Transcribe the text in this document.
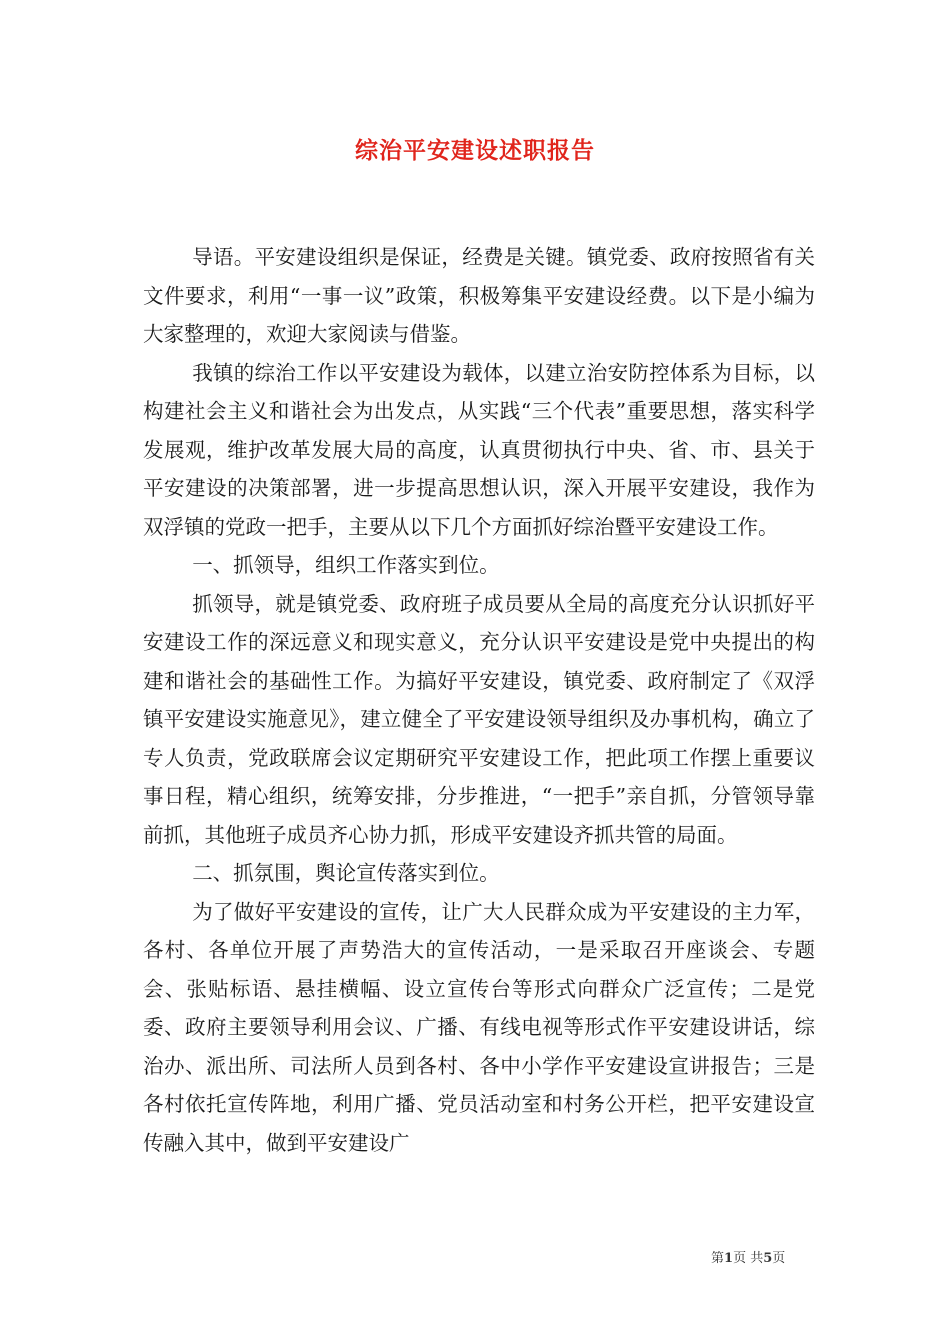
综治平安建设述职报告

导语。平安建设组织是保证，经费是关键。镇党委、政府按照省有关文件要求，利用“一事一议”政策，积极筹集平安建设经费。以下是小编为大家整理的，欢迎大家阅读与借鉴。

我镇的综治工作以平安建设为载体，以建立治安防控体系为目标，以构建社会主义和谐社会为出发点，从实践“三个代表”重要思想，落实科学发展观，维护改革发展大局的高度，认真贯彻执行中央、省、市、县关于平安建设的决策部署，进一步提高思想认识，深入开展平安建设，我作为双浮镇的党政一把手，主要从以下几个方面抓好综治暨平安建设工作。

一、抓领导，组织工作落实到位。

抓领导，就是镇党委、政府班子成员要从全局的高度充分认识抓好平安建设工作的深远意义和现实意义，充分认识平安建设是党中央提出的构建和谐社会的基础性工作。为搞好平安建设，镇党委、政府制定了《双浮镇平安建设实施意见》，建立健全了平安建设领导组织及办事机构，确立了专人负责，党政联席会议定期研究平安建设工作，把此项工作摆上重要议事日程，精心组织，统筹安排，分步推进，“一把手”亲自抓，分管领导靠前抓，其他班子成员齐心协力抓，形成平安建设齐抓共管的局面。

二、抓氛围，舆论宣传落实到位。

为了做好平安建设的宣传，让广大人民群众成为平安建设的主力军，各村、各单位开展了声势浩大的宣传活动，一是采取召开座谈会、专题会、张贴标语、悬挂横幅、设立宣传台等形式向群众广泛宣传；二是党委、政府主要领导利用会议、广播、有线电视等形式作平安建设讲话，综治办、派出所、司法所人员到各村、各中小学作平安建设宣讲报告；三是各村依托宣传阵地，利用广播、党员活动室和村务公开栏，把平安建设宣传融入其中，做到平安建设广

第1页 共5页
